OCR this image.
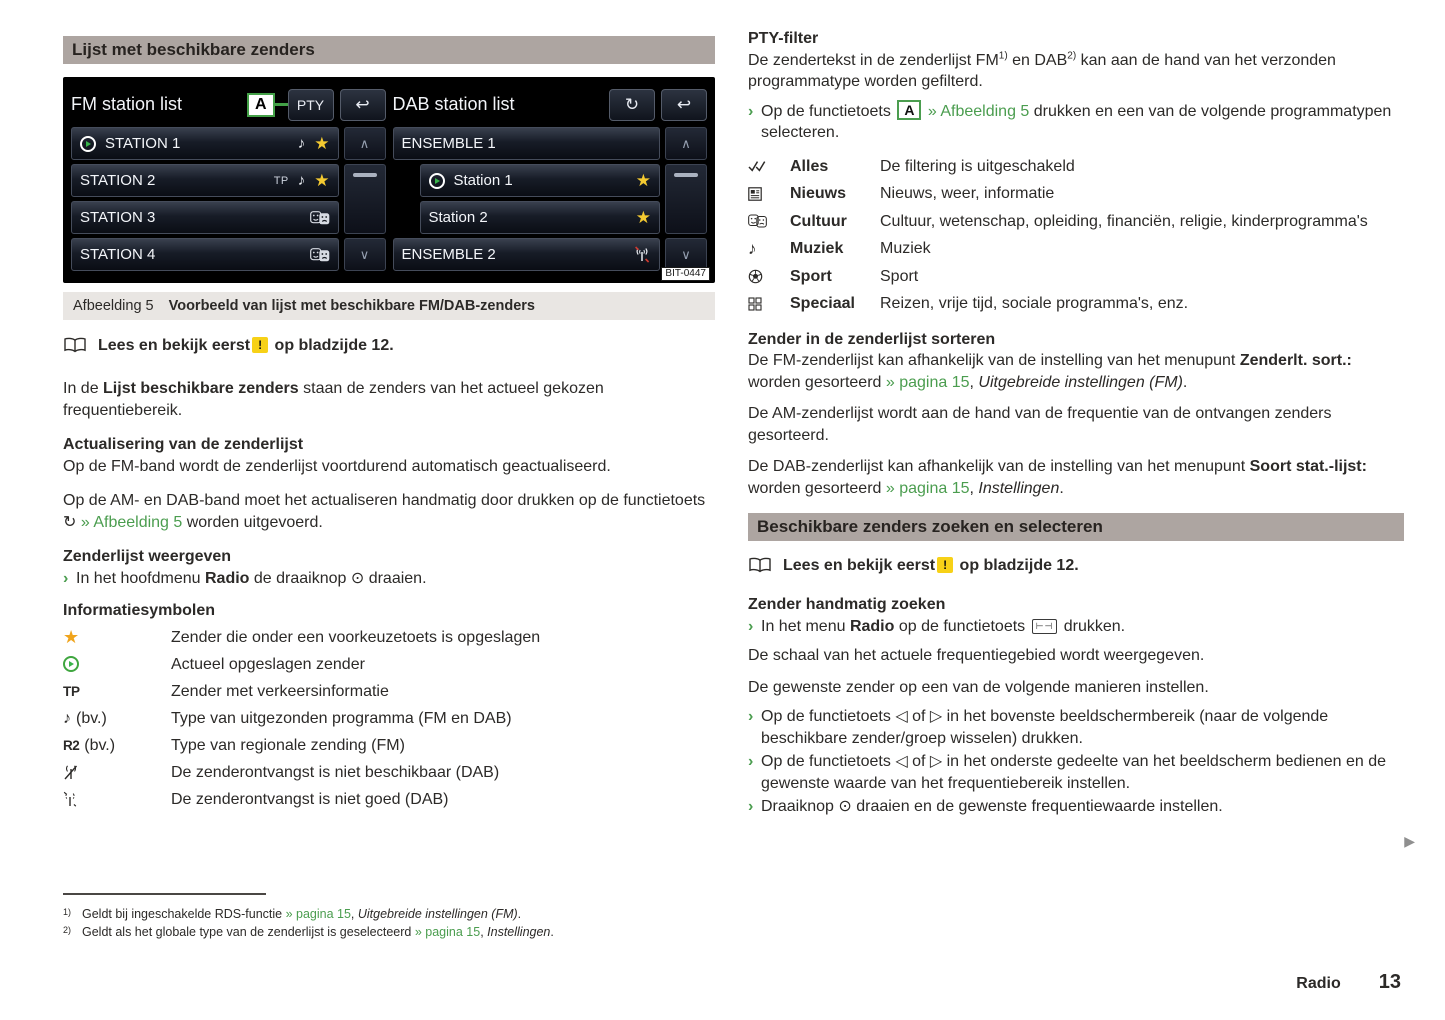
Lijst met beschikbare zenders
FM station list	A	PTY	↩
STATION 1	♪ ★
STATION 2	TP ♪ ★
STATION 3
STATION 4
∧
∨
DAB station list	↻	↩
ENSEMBLE 1
Station 1	★
Station 2	★
ENSEMBLE 2
∧
∨
BIT-0447
Afbeelding 5 Voorbeeld van lijst met beschikbare FM/DAB-zenders
Lees en bekijk eerst ! op bladzijde 12.

In de Lijst beschikbare zenders staan de zenders van het actueel gekozen frequentiebereik.

Actualisering van de zenderlijst

Op de FM-band wordt de zenderlijst voortdurend automatisch geactualiseerd.

Op de AM- en DAB-band moet het actualiseren handmatig door drukken op de functietoets ↻ » Afbeelding 5 worden uitgevoerd.

Zenderlijst weergeven
› In het hoofdmenu Radio de draaiknop ⊙ draaien.
Informatiesymbolen
★	Zender die onder een voorkeuzetoets is opgeslagen
Actueel opgeslagen zender
TP	Zender met verkeersinformatie
♪ (bv.)	Type van uitgezonden programma (FM en DAB)
R2 (bv.)	Type van regionale zending (FM)
De zenderontvangst is niet beschikbaar (DAB)
De zenderontvangst is niet goed (DAB)
PTY-filter

De zendertekst in de zenderlijst FM$^{1)}$ en DAB$^{2)}$ kan aan de hand van het verzonden programmatype worden gefilterd.

› Op de functietoets A » Afbeelding 5 drukken en een van de volgende programmatypen selecteren.
Alles	De filtering is uitgeschakeld
Nieuws	Nieuws, weer, informatie
Cultuur	Cultuur, wetenschap, opleiding, financiën, religie, kinderprogramma's
♪	Muziek	Muziek
Sport	Sport
Speciaal	Reizen, vrije tijd, sociale programma's, enz.
Zender in de zenderlijst sorteren

De FM-zenderlijst kan afhankelijk van de instelling van het menupunt Zenderlt. sort.: worden gesorteerd » pagina 15, Uitgebreide instellingen (FM).

De AM-zenderlijst wordt aan de hand van de frequentie van de ontvangen zenders gesorteerd.

De DAB-zenderlijst kan afhankelijk van de instelling van het menupunt Soort stat.-lijst: worden gesorteerd » pagina 15, Instellingen.

Beschikbare zenders zoeken en selecteren
Lees en bekijk eerst ! op bladzijde 12.
Zender handmatig zoeken
› In het menu Radio op de functietoets ⊢⊣ drukken.

De schaal van het actuele frequentiegebied wordt weergegeven.

De gewenste zender op een van de volgende manieren instellen.

› Op de functietoets ◁ of ▷ in het bovenste beeldschermbereik (naar de volgende beschikbare zender/groep wisselen) drukken.
› Op de functietoets ◁ of ▷ in het onderste gedeelte van het beeldscherm bedienen en de gewenste waarde van het frequentiebereik instellen.
› Draaiknop ⊙ draaien en de gewenste frequentiewaarde instellen.
1) Geldt bij ingeschakelde RDS-functie » pagina 15, Uitgebreide instellingen (FM).
2) Geldt als het globale type van de zenderlijst is geselecteerd » pagina 15, Instellingen.
▶
Radio 13
